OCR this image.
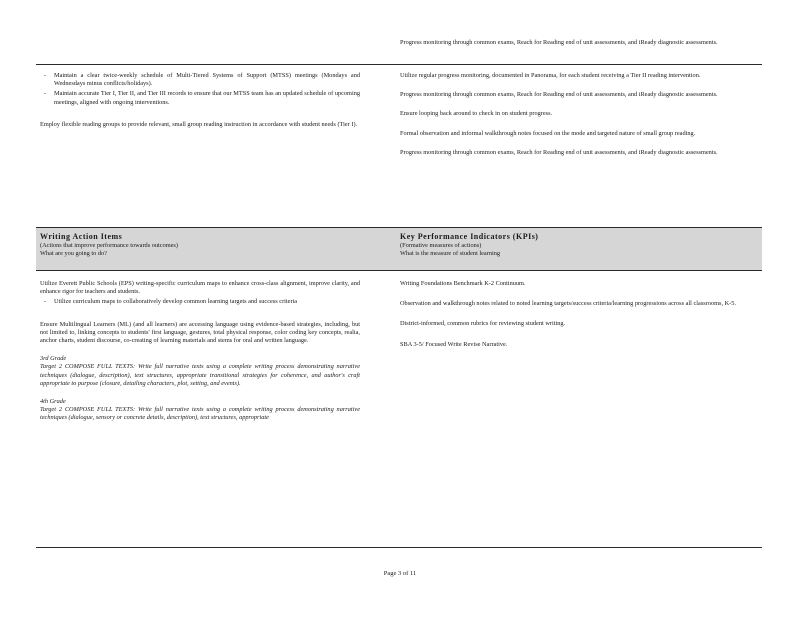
Progress monitoring through common exams, Reach for Reading end of unit assessments, and iReady diagnostic assessments.

- Maintain a clear twice-weekly schedule of Multi-Tiered Systems of Support (MTSS) meetings (Mondays and Wednesdays minus conflicts/holidays).
- Maintain accurate Tier I, Tier II, and Tier III records to ensure that our MTSS team has an updated schedule of upcoming meetings, aligned with ongoing interventions.

Employ flexible reading groups to provide relevant, small group reading instruction in accordance with student needs (Tier I).

Utilize regular progress monitoring, documented in Panorama, for each student receiving a Tier II reading intervention.

Progress monitoring through common exams, Reach for Reading end of unit assessments, and iReady diagnostic assessments.

Ensure looping back around to check in on student progress.

Formal observation and informal walkthrough notes focused on the mode and targeted nature of small group reading.

Progress monitoring through common exams, Reach for Reading end of unit assessments, and iReady diagnostic assessments.

Writing Action Items
(Actions that improve performance towards outcomes)
What are you going to do?
Key Performance Indicators (KPIs)
(Formative measures of actions)
What is the measure of student learning

Utilize Everett Public Schools (EPS) writing-specific curriculum maps to enhance cross-class alignment, improve clarity, and enhance rigor for teachers and students.

- Utilize curriculum maps to collaboratively develop common learning targets and success criteria

Ensure Multilingual Learners (ML) (and all learners) are accessing language using evidence-based strategies, including, but not limited to, linking concepts to students' first language, gestures, total physical response, color coding key concepts, realia, anchor charts, student discourse, co-creating of learning materials and stems for oral and written language.

3rd Grade
Target 2 COMPOSE FULL TEXTS: Write full narrative texts using a complete writing process demonstrating narrative techniques (dialogue, description), text structures, appropriate transitional strategies for coherence, and author's craft appropriate to purpose (closure, detailing characters, plot, setting, and events).

4th Grade
Target 2 COMPOSE FULL TEXTS: Write full narrative texts using a complete writing process demonstrating narrative techniques (dialogue, sensory or concrete details, description), text structures, appropriate

Writing Foundations Benchmark K-2 Continuum.

Observation and walkthrough notes related to noted learning targets/success criteria/learning progressions across all classrooms, K-5.

District-informed, common rubrics for reviewing student writing.

SBA 3-5/ Focused Write Revise Narrative.

Page 3 of 11
